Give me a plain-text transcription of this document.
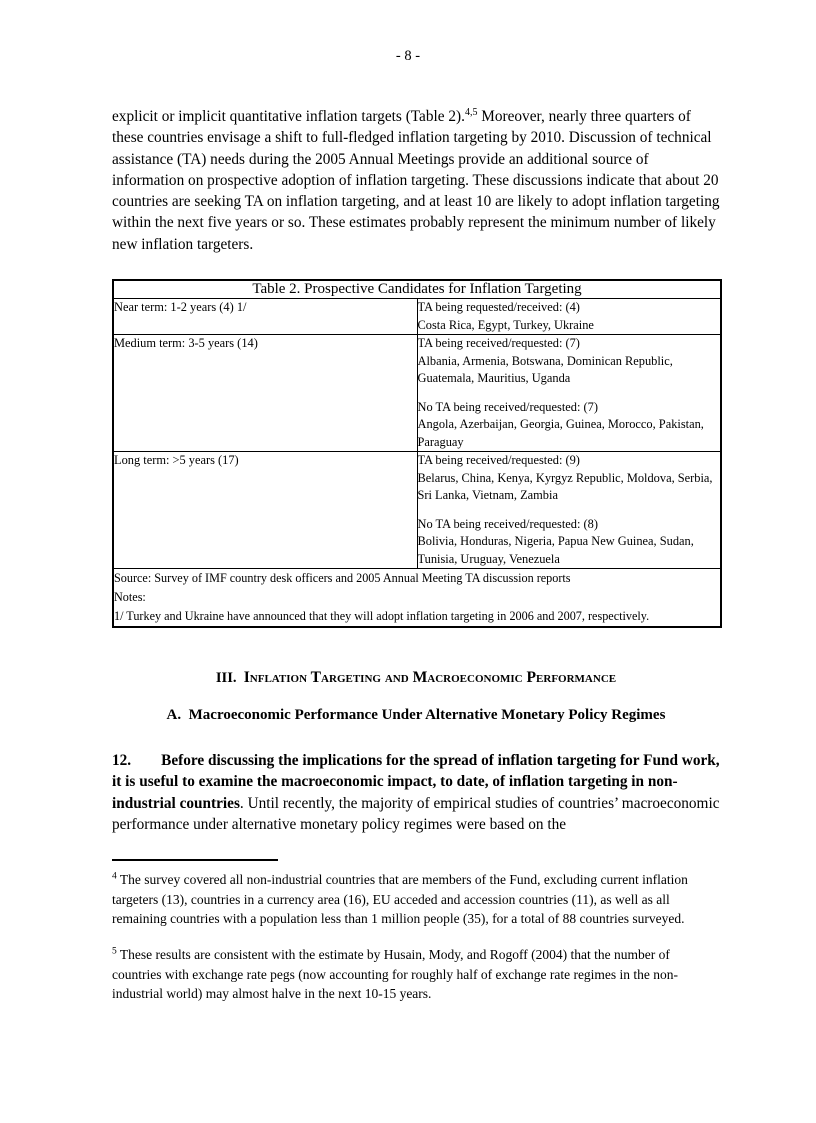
- 8 -

explicit or implicit quantitative inflation targets (Table 2).$^{4,5}$ Moreover, nearly three quarters of these countries envisage a shift to full-fledged inflation targeting by 2010. Discussion of technical assistance (TA) needs during the 2005 Annual Meetings provide an additional source of information on prospective adoption of inflation targeting. These discussions indicate that about 20 countries are seeking TA on inflation targeting, and at least 10 are likely to adopt inflation targeting within the next five years or so. These estimates probably represent the minimum number of likely new inflation targeters.

Table 2. Prospective Candidates for Inflation Targeting	
Near term: 1-2 years (4) 1/	TA being requested/received: (4)
Costa Rica, Egypt, Turkey, Ukraine

Medium term: 3-5 years (14)	TA being received/requested: (7)
Albania, Armenia, Botswana, Dominican Republic, Guatemala, Mauritius, Uganda
No TA being received/requested: (7)
Angola, Azerbaijan, Georgia, Guinea, Morocco, Pakistan, Paraguay

Long term: >5 years (17)	TA being received/requested: (9)
Belarus, China, Kenya, Kyrgyz Republic, Moldova, Serbia, Sri Lanka, Vietnam, Zambia
No TA being received/requested: (8)
Bolivia, Honduras, Nigeria, Papua New Guinea, Sudan, Tunisia, Uruguay, Venezuela

Source: Survey of IMF country desk officers and 2005 Annual Meeting TA discussion reports
Notes:
1/ Turkey and Ukraine have announced that they will adopt inflation targeting in 2006 and 2007, respectively.	

III. Inflation Targeting and Macroeconomic Performance

A. Macroeconomic Performance Under Alternative Monetary Policy Regimes

12. Before discussing the implications for the spread of inflation targeting for Fund work, it is useful to examine the macroeconomic impact, to date, of inflation targeting in non-industrial countries. Until recently, the majority of empirical studies of countries’ macroeconomic performance under alternative monetary policy regimes were based on the

$^4$ The survey covered all non-industrial countries that are members of the Fund, excluding current inflation targeters (13), countries in a currency area (16), EU acceded and accession countries (11), as well as all remaining countries with a population less than 1 million people (35), for a total of 88 countries surveyed.

$^5$ These results are consistent with the estimate by Husain, Mody, and Rogoff (2004) that the number of countries with exchange rate pegs (now accounting for roughly half of exchange rate regimes in the non-industrial world) may almost halve in the next 10-15 years.
